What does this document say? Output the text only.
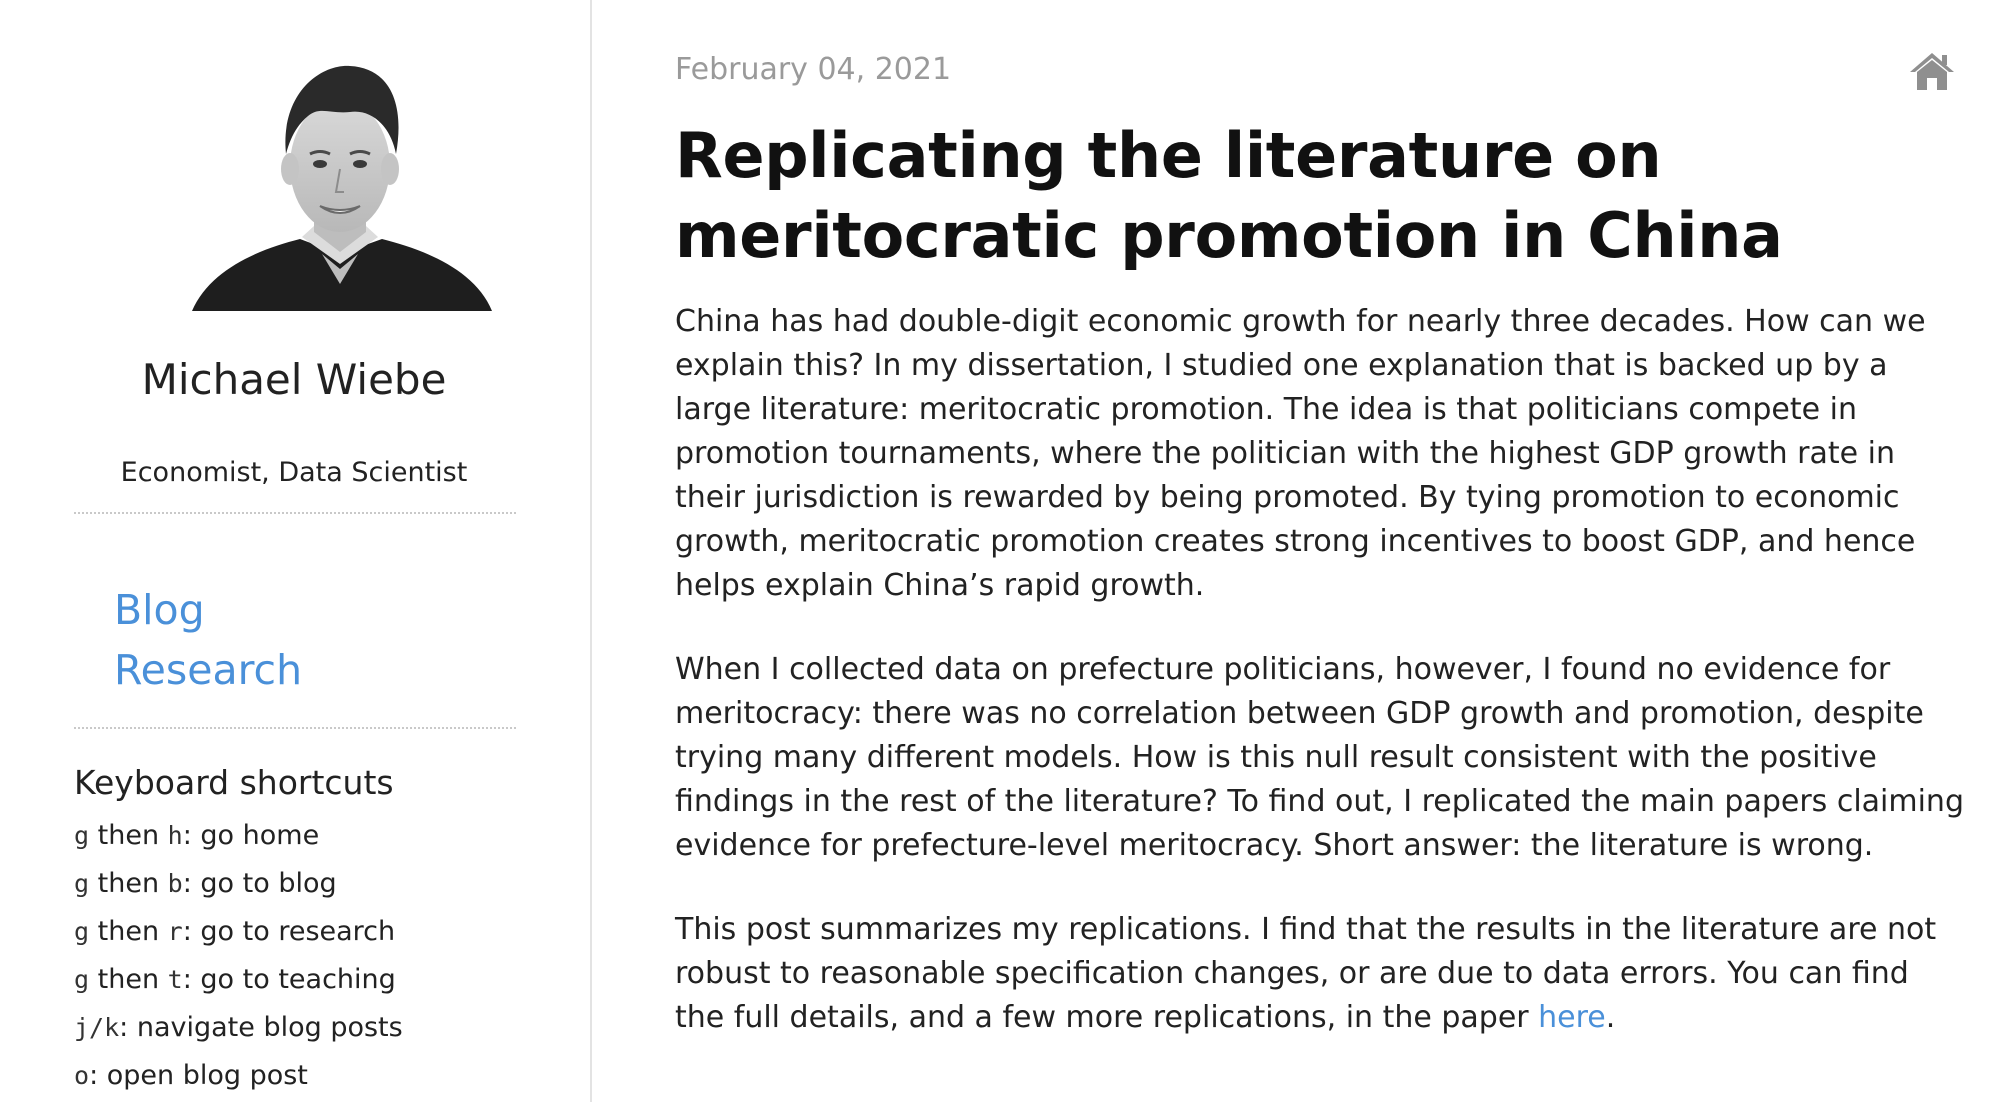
Michael Wiebe

Economist, Data Scientist

Blog
Research
Keyboard shortcuts
g then h: go home
g then b: go to blog
g then r: go to research
g then t: go to teaching
j/k: navigate blog posts
o: open blog post

February 04, 2021

Replicating the literature on
meritocratic promotion in China

China has had double-digit economic growth for nearly three decades. How can we explain this? In my dissertation, I studied one explanation that is backed up by a large literature: meritocratic promotion. The idea is that politicians compete in promotion tournaments, where the politician with the highest GDP growth rate in their jurisdiction is rewarded by being promoted. By tying promotion to economic growth, meritocratic promotion creates strong incentives to boost GDP, and hence helps explain China’s rapid growth.

When I collected data on prefecture politicians, however, I found no evidence for meritocracy: there was no correlation between GDP growth and promotion, despite trying many different models. How is this null result consistent with the positive findings in the rest of the literature? To find out, I replicated the main papers claiming evidence for prefecture-level meritocracy. Short answer: the literature is wrong.

This post summarizes my replications. I find that the results in the literature are not robust to reasonable specification changes, or are due to data errors. You can find the full details, and a few more replications, in the paper here.
